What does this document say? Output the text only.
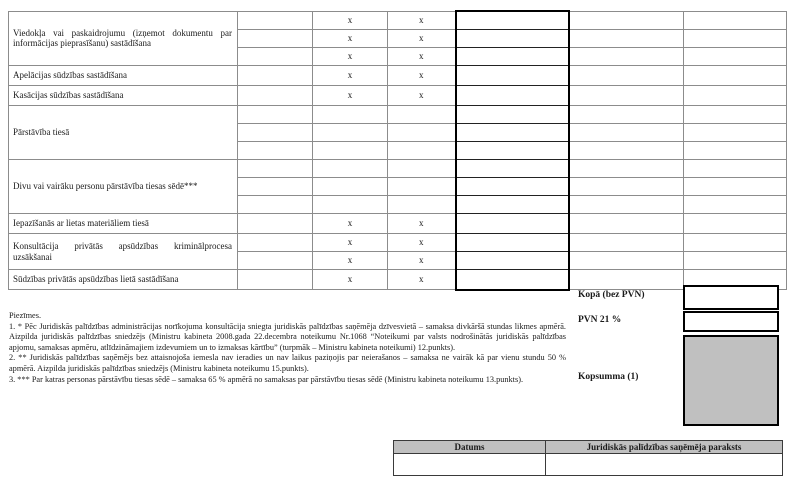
Viedokļa vai paskaidrojumu (izņemot dokumentu par informācijas pieprasīšanu) sastādīšana		x	x			
		x	x			
		x	x			
Apelācijas sūdzības sastādīšana		x	x			
Kasācijas sūdzības sastādīšana		x	x			
Pārstāvība tiesā						

Divu vai vairāku personu pārstāvība tiesas sēdē***						

Iepazīšanās ar lietas materiāliem tiesā		x	x			
Konsultācija privātās apsūdzības kriminālprocesa uzsākšanai		x	x			
		x	x			
Sūdzības privātās apsūdzības lietā sastādīšana		x	x			
Kopā (bez PVN)
PVN 21 %
Kopsumma (1)

Piezīmes.

1. * Pēc Juridiskās palīdzības administrācijas norīkojuma konsultācija sniegta juridiskās palīdzības saņēmēja dzīvesvietā – samaksa divkāršā stundas likmes apmērā. Aizpilda juridiskās palīdzības sniedzējs (Ministru kabineta 2008.gada 22.decembra noteikumu Nr.1068 “Noteikumi par valsts nodrošinātās juridiskās palīdzības apjomu, samaksas apmēru, atlīdzināmajiem izdevumiem un to izmaksas kārtību” (turpmāk – Ministru kabineta noteikumi) 12.punkts).

2. ** Juridiskās palīdzības saņēmējs bez attaisnojoša iemesla nav ieradies un nav laikus paziņojis par neierašanos – samaksa ne vairāk kā par vienu stundu 50 % apmērā. Aizpilda juridiskās palīdzības sniedzējs (Ministru kabineta noteikumu 15.punkts).

3. *** Par katras personas pārstāvību tiesas sēdē – samaksa 65 % apmērā no samaksas par pārstāvību tiesas sēdē (Ministru kabineta noteikumu 13.punkts).

Datums	Juridiskās palīdzības saņēmēja paraksts
